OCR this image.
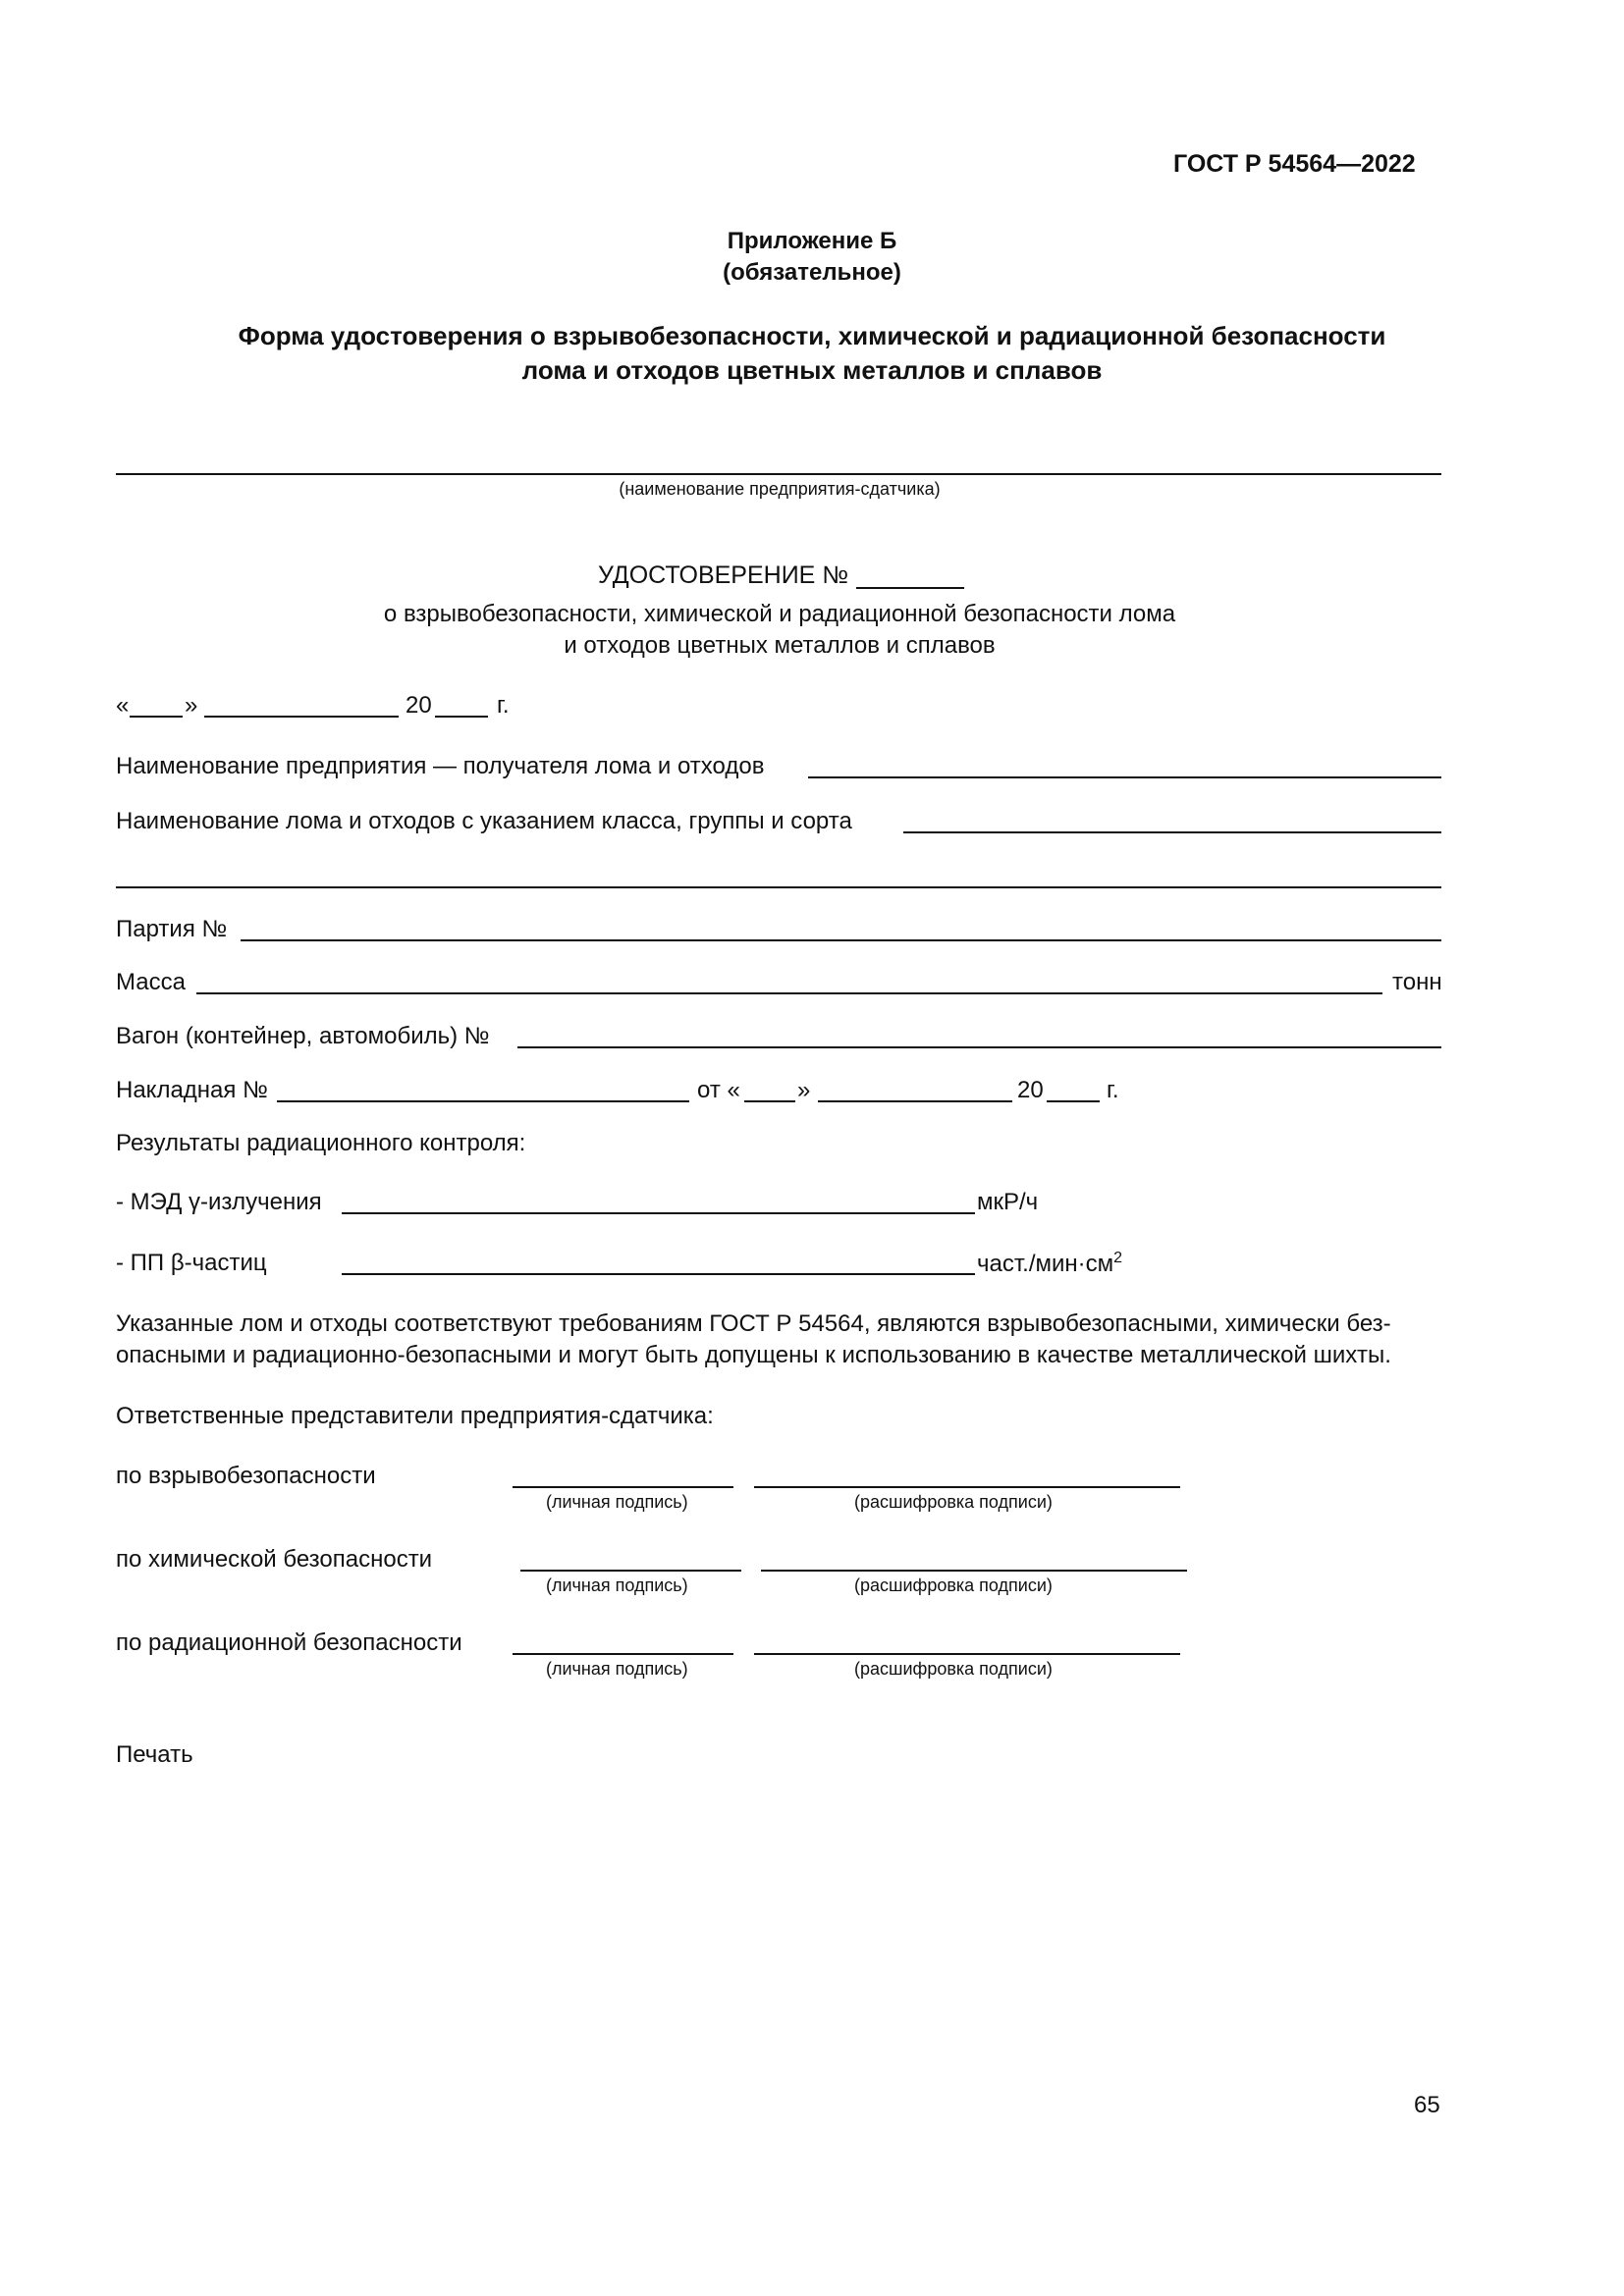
ГОСТ Р 54564—2022
Приложение Б
(обязательное)
Форма удостоверения о взрывобезопасности, химической и радиационной безопасности
лома и отходов цветных металлов и сплавов
(наименование предприятия-сдатчика)
УДОСТОВЕРЕНИЕ №
о взрывобезопасности, химической и радиационной безопасности лома
и отходов цветных металлов и сплавов
« »	20	г.
Наименование предприятия — получателя лома и отходов
Наименование лома и отходов с указанием класса, группы и сорта
Партия №
Масса	тонн
Вагон (контейнер, автомобиль) №
Накладная №	от « »	20	г.
Результаты радиационного контроля:
- МЭД γ-излучения	мкР/ч
- ПП β-частиц	$част./мин\cdot см^2$
Указанные лом и отходы соответствуют требованиям ГОСТ Р 54564, являются взрывобезопасными, химически без-
опасными и радиационно-безопасными и могут быть допущены к использованию в качестве металлической шихты.
Ответственные представители предприятия-сдатчика:
по взрывобезопасности
(личная подпись)	(расшифровка подписи)
по химической безопасности
(личная подпись)	(расшифровка подписи)
по радиационной безопасности
(личная подпись)	(расшифровка подписи)
Печать
65
